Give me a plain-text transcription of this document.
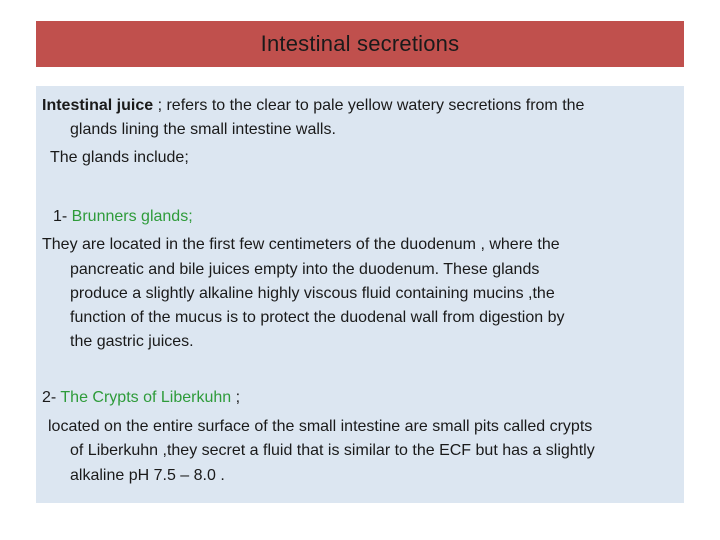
Intestinal secretions
Intestinal juice ; refers to the clear to pale yellow watery secretions from the
glands lining the small intestine walls.
The glands include;
1- Brunners glands;
They are located in the first few centimeters of the duodenum , where the
pancreatic and bile juices empty into the duodenum. These glands
produce a slightly alkaline highly viscous fluid containing mucins ,the
function of the mucus is to protect the duodenal wall from digestion by
the gastric juices.
2- The Crypts of Liberkuhn ;
located on the entire surface of the small intestine are small pits called crypts
of Liberkuhn ,they secret a fluid that is similar to the ECF but has a slightly
alkaline pH 7.5 – 8.0 .
